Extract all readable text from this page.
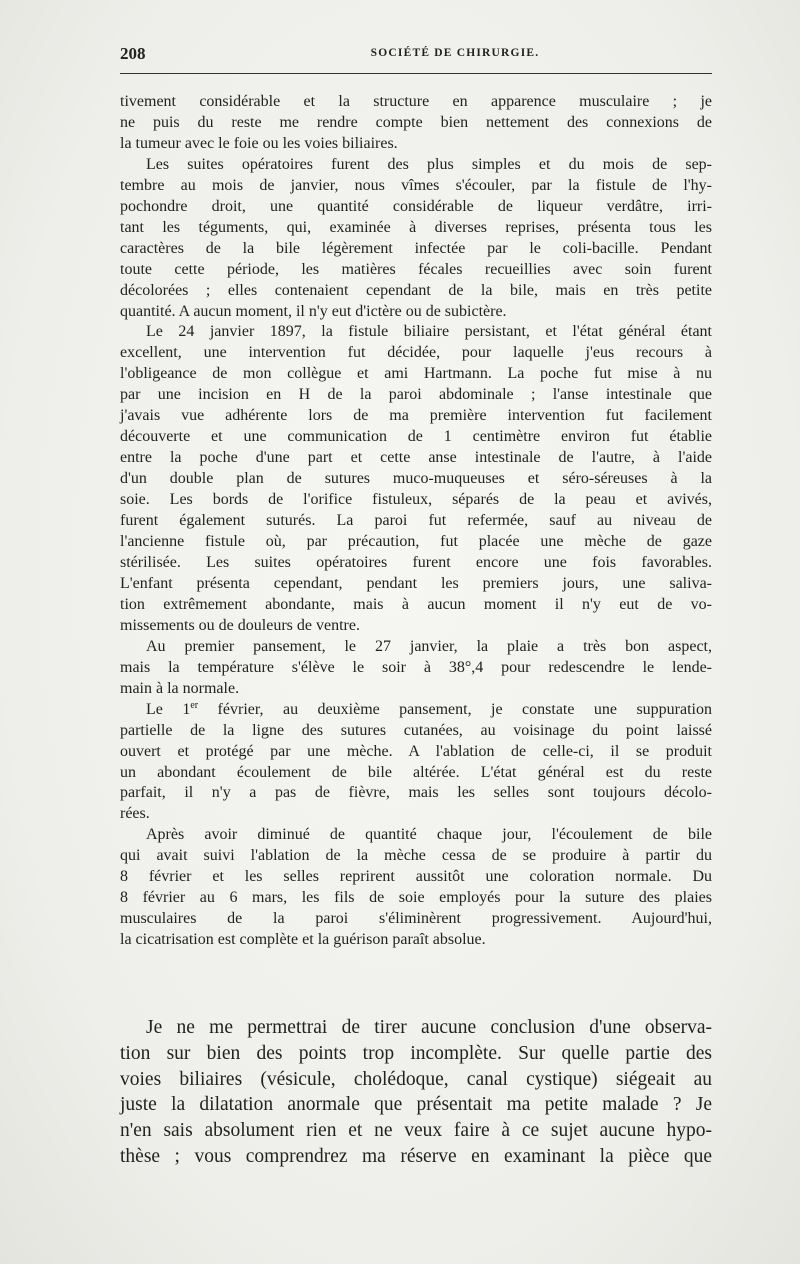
208	SOCIÉTÉ DE CHIRURGIE.
tivement considérable et la structure en apparence musculaire ; je
ne puis du reste me rendre compte bien nettement des connexions de
la tumeur avec le foie ou les voies biliaires.
Les suites opératoires furent des plus simples et du mois de sep-
tembre au mois de janvier, nous vîmes s'écouler, par la fistule de l'hy-
pochondre droit, une quantité considérable de liqueur verdâtre, irri-
tant les téguments, qui, examinée à diverses reprises, présenta tous les
caractères de la bile légèrement infectée par le coli-bacille. Pendant
toute cette période, les matières fécales recueillies avec soin furent
décolorées ; elles contenaient cependant de la bile, mais en très petite
quantité. A aucun moment, il n'y eut d'ictère ou de subictère.
Le 24 janvier 1897, la fistule biliaire persistant, et l'état général étant
excellent, une intervention fut décidée, pour laquelle j'eus recours à
l'obligeance de mon collègue et ami Hartmann. La poche fut mise à nu
par une incision en H de la paroi abdominale ; l'anse intestinale que
j'avais vue adhérente lors de ma première intervention fut facilement
découverte et une communication de 1 centimètre environ fut établie
entre la poche d'une part et cette anse intestinale de l'autre, à l'aide
d'un double plan de sutures muco-muqueuses et séro-séreuses à la
soie. Les bords de l'orifice fistuleux, séparés de la peau et avivés,
furent également suturés. La paroi fut refermée, sauf au niveau de
l'ancienne fistule où, par précaution, fut placée une mèche de gaze
stérilisée. Les suites opératoires furent encore une fois favorables.
L'enfant présenta cependant, pendant les premiers jours, une saliva-
tion extrêmement abondante, mais à aucun moment il n'y eut de vo-
missements ou de douleurs de ventre.
Au premier pansement, le 27 janvier, la plaie a très bon aspect,
mais la température s'élève le soir à 38°,4 pour redescendre le lende-
main à la normale.
Le 1er février, au deuxième pansement, je constate une suppuration
partielle de la ligne des sutures cutanées, au voisinage du point laissé
ouvert et protégé par une mèche. A l'ablation de celle-ci, il se produit
un abondant écoulement de bile altérée. L'état général est du reste
parfait, il n'y a pas de fièvre, mais les selles sont toujours décolo-
rées.
Après avoir diminué de quantité chaque jour, l'écoulement de bile
qui avait suivi l'ablation de la mèche cessa de se produire à partir du
8 février et les selles reprirent aussitôt une coloration normale. Du
8 février au 6 mars, les fils de soie employés pour la suture des plaies
musculaires de la paroi s'éliminèrent progressivement. Aujourd'hui,
la cicatrisation est complète et la guérison paraît absolue.
Je ne me permettrai de tirer aucune conclusion d'une observa-
tion sur bien des points trop incomplète. Sur quelle partie des
voies biliaires (vésicule, cholédoque, canal cystique) siégeait au
juste la dilatation anormale que présentait ma petite malade ? Je
n'en sais absolument rien et ne veux faire à ce sujet aucune hypo-
thèse ; vous comprendrez ma réserve en examinant la pièce que
